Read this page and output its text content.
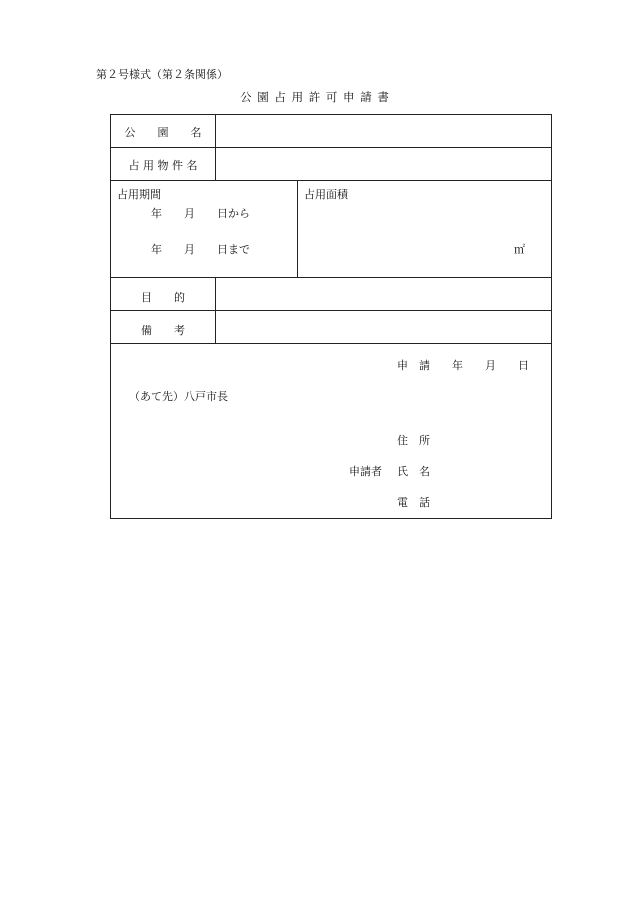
第２号様式（第２条関係）
公 園 占 用 許 可 申 請 書
公　　園　　名
占 用 物 件 名
占用期間
年　　月　　日から
年　　月　　日まで
占用面積
㎡
目　　的
備　　考
申　請　　年　　月　　日
（あて先）八戸市長
住　所
申請者 氏　名
電　話
